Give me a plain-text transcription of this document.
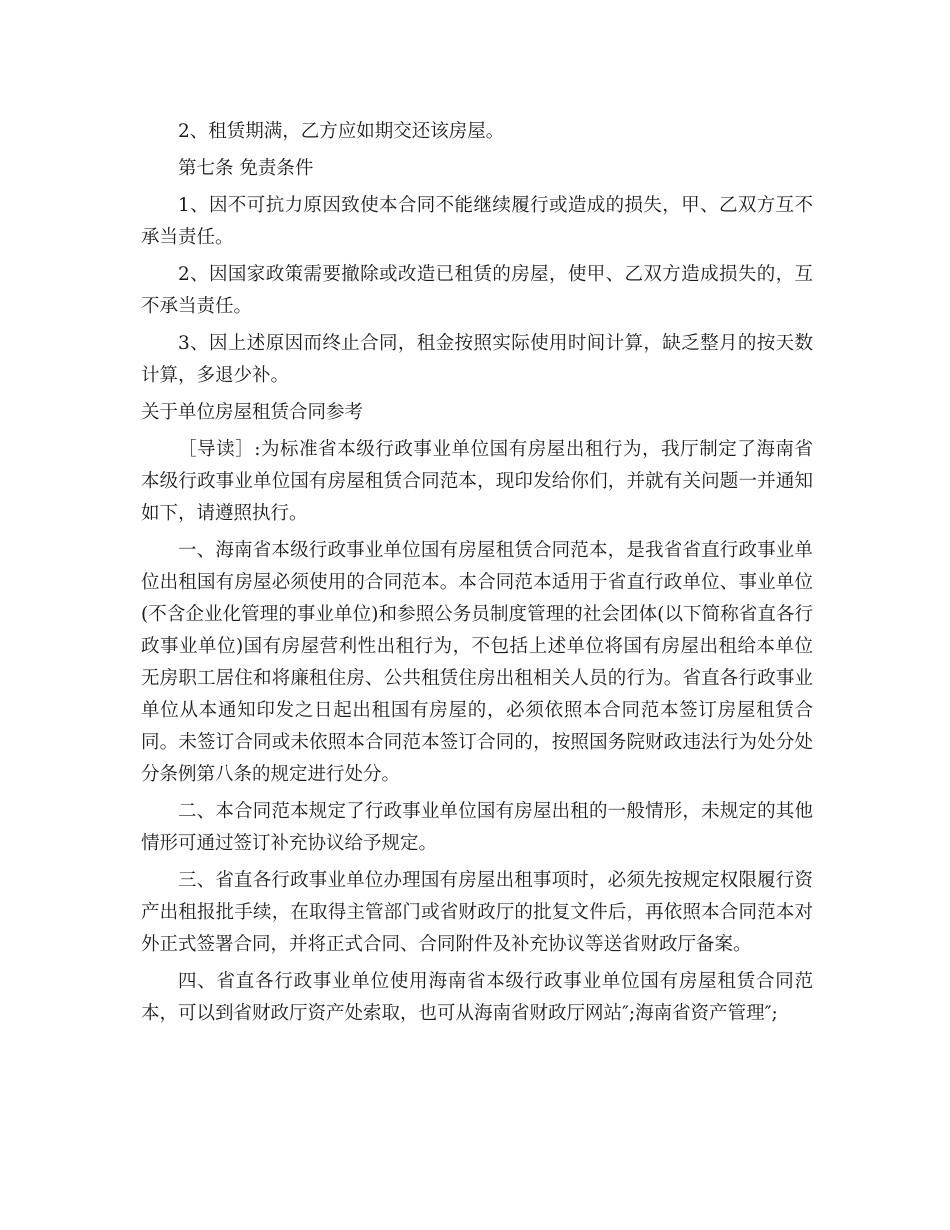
2、租赁期满，乙方应如期交还该房屋。

第七条 免责条件

1、因不可抗力原因致使本合同不能继续履行或造成的损失，甲、乙双方互不承当责任。

2、因国家政策需要撤除或改造已租赁的房屋，使甲、乙双方造成损失的，互不承当责任。

3、因上述原因而终止合同，租金按照实际使用时间计算，缺乏整月的按天数计算，多退少补。

关于单位房屋租赁合同参考

［导读］:为标准省本级行政事业单位国有房屋出租行为，我厅制定了海南省本级行政事业单位国有房屋租赁合同范本，现印发给你们，并就有关问题一并通知如下，请遵照执行。

一、海南省本级行政事业单位国有房屋租赁合同范本，是我省省直行政事业单位出租国有房屋必须使用的合同范本。本合同范本适用于省直行政单位、事业单位(不含企业化管理的事业单位)和参照公务员制度管理的社会团体(以下简称省直各行政事业单位)国有房屋营利性出租行为，不包括上述单位将国有房屋出租给本单位无房职工居住和将廉租住房、公共租赁住房出租相关人员的行为。省直各行政事业单位从本通知印发之日起出租国有房屋的，必须依照本合同范本签订房屋租赁合同。未签订合同或未依照本合同范本签订合同的，按照国务院财政违法行为处分处分条例第八条的规定进行处分。

二、本合同范本规定了行政事业单位国有房屋出租的一般情形，未规定的其他情形可通过签订补充协议给予规定。

三、省直各行政事业单位办理国有房屋出租事项时，必须先按规定权限履行资产出租报批手续，在取得主管部门或省财政厅的批复文件后，再依照本合同范本对外正式签署合同，并将正式合同、合同附件及补充协议等送省财政厅备案。

四、省直各行政事业单位使用海南省本级行政事业单位国有房屋租赁合同范本，可以到省财政厅资产处索取，也可从海南省财政厅网站″;海南省资产管理″;
